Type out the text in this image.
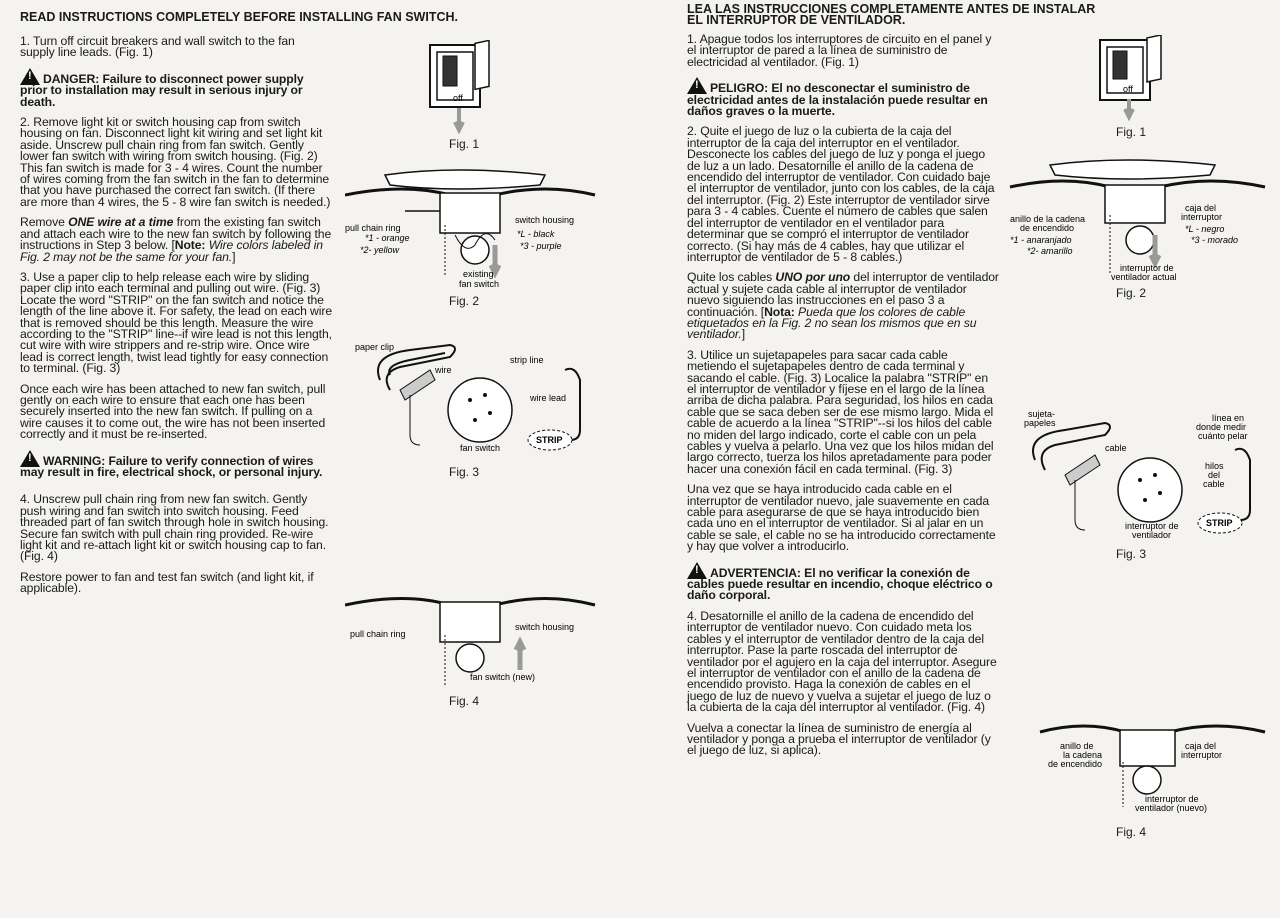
READ INSTRUCTIONS COMPLETELY BEFORE INSTALLING FAN SWITCH.

1. Turn off circuit breakers and wall switch to the fan supply line leads. (Fig. 1)

!DANGER: Failure to disconnect power supply prior to installation may result in serious injury or death.

2. Remove light kit or switch housing cap from switch housing on fan. Disconnect light kit wiring and set light kit aside. Unscrew pull chain ring from fan switch. Gently lower fan switch with wiring from switch housing. (Fig. 2) This fan switch is made for 3 - 4 wires. Count the number of wires coming from the fan switch in the fan to determine that you have purchased the correct fan switch. (If there are more than 4 wires, the 5 - 8 wire fan switch is needed.)

Remove ONE wire at a time from the existing fan switch and attach each wire to the new fan switch by following the instructions in Step 3 below. [Note: Wire colors labeled in Fig. 2 may not be the same for your fan.]

3. Use a paper clip to help release each wire by sliding paper clip into each terminal and pulling out wire. (Fig. 3) Locate the word "STRIP" on the fan switch and notice the length of the line above it. For safety, the lead on each wire that is removed should be this length. Measure the wire according to the "STRIP" line--if wire lead is not this length, cut wire with wire strippers and re-strip wire. Once wire lead is correct length, twist lead tightly for easy connection to terminal. (Fig. 3)

Once each wire has been attached to new fan switch, pull gently on each wire to ensure that each one has been securely inserted into the new fan switch. If pulling on a wire causes it to come out, the wire has not been inserted correctly and it must be re-inserted.

!WARNING: Failure to verify connection of wires may result in fire, electrical shock, or personal injury.

4. Unscrew pull chain ring from new fan switch. Gently push wiring and fan switch into switch housing. Feed threaded part of fan switch through hole in switch housing. Secure fan switch with pull chain ring provided. Re-wire light kit and re-attach light kit or switch housing cap to fan. (Fig. 4)

Restore power to fan and test fan switch (and light kit, if applicable).

off
Fig. 1
pull chain ring
*1 - orange
*2- yellow
switch housing
*L - black
*3 - purple
existing
fan switch
Fig. 2
paper clip
wire
strip line
wire lead
STRIP
fan switch
Fig. 3
pull chain ring
switch housing
fan switch (new)
Fig. 4
LEA LAS INSTRUCCIONES COMPLETAMENTE ANTES DE INSTALAR
EL INTERRUPTOR DE VENTILADOR.

1. Apague todos los interruptores de circuito en el panel y el interruptor de pared a la línea de suministro de electricidad al ventilador. (Fig. 1)

!PELIGRO: El no desconectar el suministro de electricidad antes de la instalación puede resultar en daños graves o la muerte.

2. Quite el juego de luz o la cubierta de la caja del interruptor de la caja del interruptor en el ventilador. Desconecte los cables del juego de luz y ponga el juego de luz a un lado. Desatornille el anillo de la cadena de encendido del interruptor de ventilador. Con cuidado baje el interruptor de ventilador, junto con los cables, de la caja del interruptor. (Fig. 2) Este interruptor de ventilador sirve para 3 - 4 cables. Cuente el número de cables que salen del interruptor de ventilador en el ventilador para determinar que se compró el interruptor de ventilador correcto. (Si hay más de 4 cables, hay que utilizar el interruptor de ventilador de 5 - 8 cables.)

Quite los cables UNO por uno del interruptor de ventilador actual y sujete cada cable al interruptor de ventilador nuevo siguiendo las instrucciones en el paso 3 a continuación. [Nota: Pueda que los colores de cable etiquetados en la Fig. 2 no sean los mismos que en su ventilador.]

3. Utilice un sujetapapeles para sacar cada cable metiendo el sujetapapeles dentro de cada terminal y sacando el cable. (Fig. 3) Localice la palabra "STRIP" en el interruptor de ventilador y fíjese en el largo de la línea arriba de dicha palabra. Para seguridad, los hilos en cada cable que se saca deben ser de ese mismo largo. Mida el cable de acuerdo a la línea "STRIP"--si los hilos del cable no miden del largo indicado, corte el cable con un pela cables y vuelva a pelarlo. Una vez que los hilos midan del largo correcto, tuerza los hilos apretadamente para poder hacer una conexión fácil en cada terminal. (Fig. 3)

Una vez que se haya introducido cada cable en el interruptor de ventilador nuevo, jale suavemente en cada cable para asegurarse de que se haya introducido bien cada uno en el interruptor de ventilador. Si al jalar en un cable se sale, el cable no se ha introducido correctamente y hay que volver a introducirlo.

!ADVERTENCIA: El no verificar la conexión de cables puede resultar en incendio, choque eléctrico o daño corporal.

4. Desatornille el anillo de la cadena de encendido del interruptor de ventilador nuevo. Con cuidado meta los cables y el interruptor de ventilador dentro de la caja del interruptor. Pase la parte roscada del interruptor de ventilador por el agujero en la caja del interruptor. Asegure el interruptor de ventilador con el anillo de la cadena de encendido provisto. Haga la conexión de cables en el juego de luz de nuevo y vuelva a sujetar el juego de luz o la cubierta de la caja del interruptor al ventilador. (Fig. 4)

Vuelva a conectar la línea de suministro de energía al ventilador y ponga a prueba el interruptor de ventilador (y el juego de luz, si aplica).

off
Fig. 1
anillo de la cadena
de encendido
*1 - anaranjado
*2- amarillo
caja del
interruptor
*L - negro
*3 - morado
interruptor de
ventilador actual
Fig. 2
sujeta-
papeles
cable
línea en
donde medir
cuánto pelar
hilos
del
cable
STRIP
interruptor de
ventilador
Fig. 3
anillo de
la cadena
de encendido
caja del
interruptor
interruptor de
ventilador (nuevo)
Fig. 4
